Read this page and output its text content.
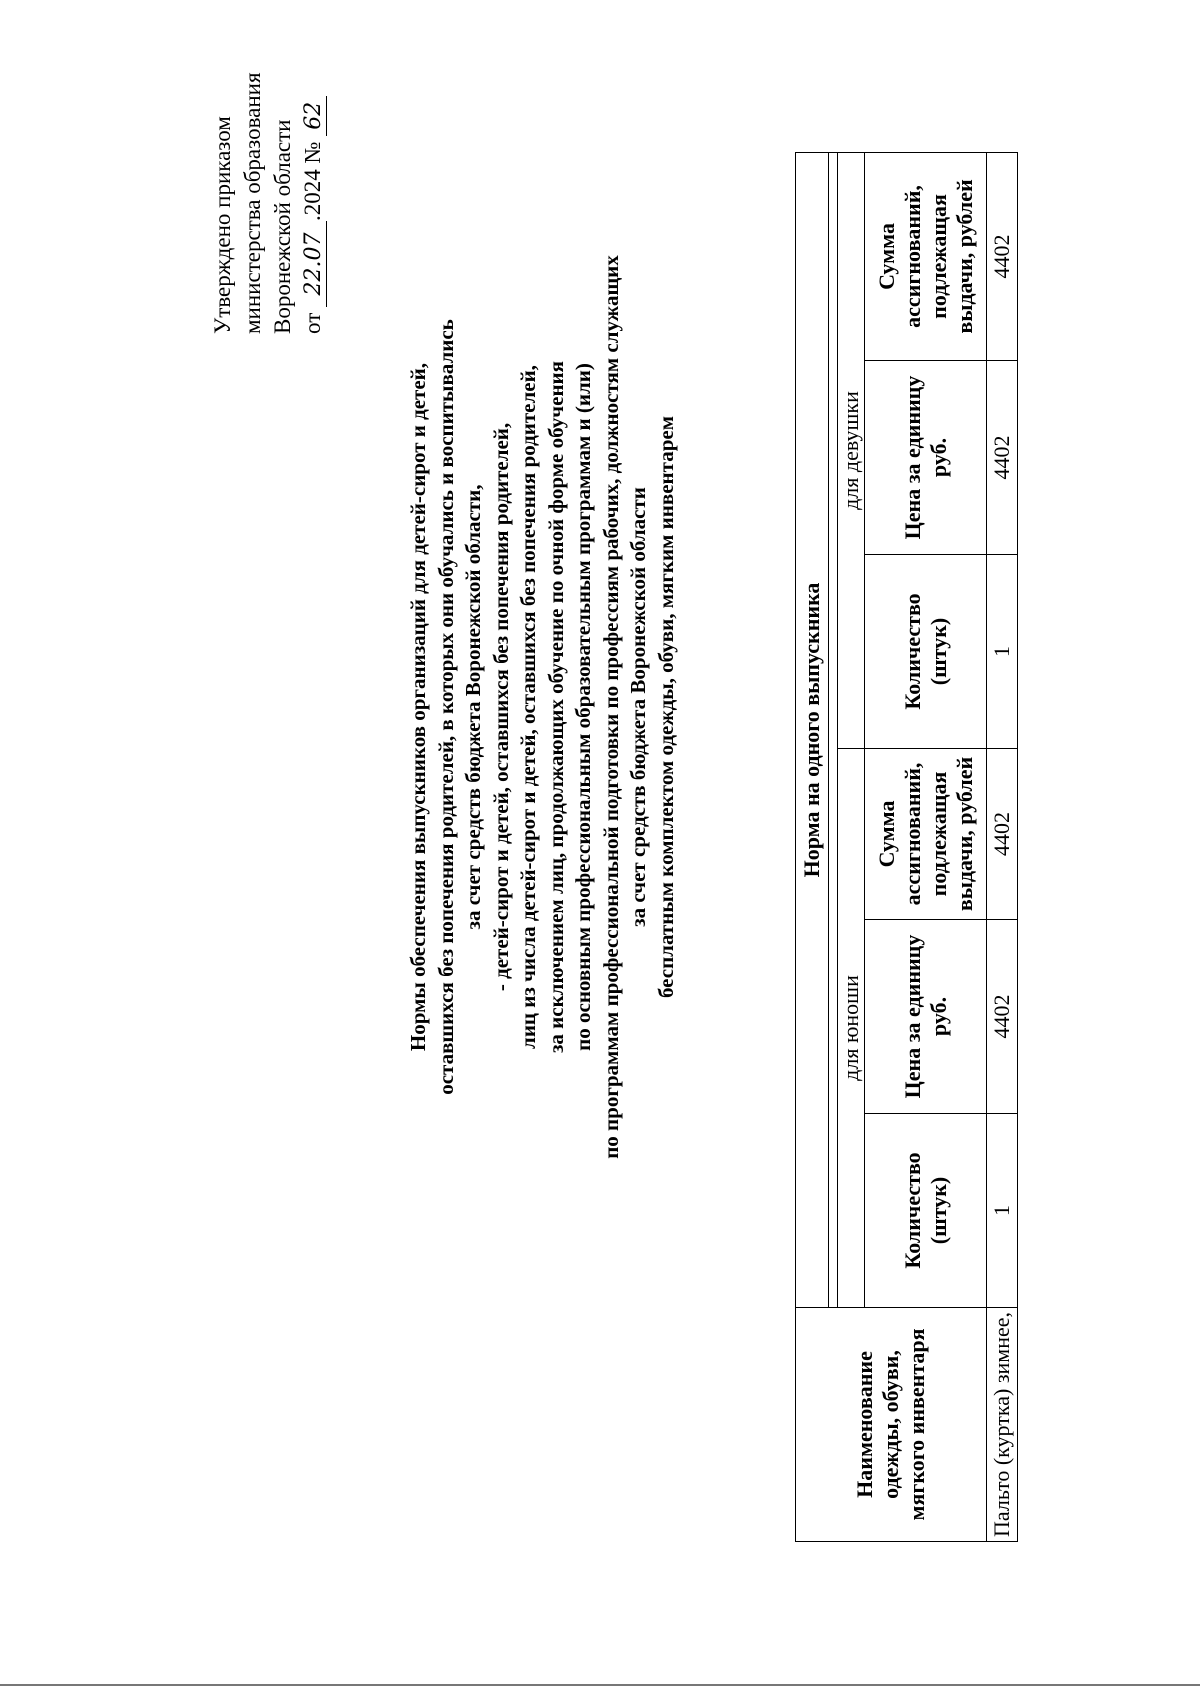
Утверждено приказом министерства образования Воронежской области от 22.07.2024 № 62
Нормы обеспечения выпускников организаций для детей-сирот и детей, оставшихся без попечения родителей, в которых они обучались и воспитывались за счет средств бюджета Воронежской области, - детей-сирот и детей, оставшихся без попечения родителей, лиц из числа детей-сирот и детей, оставшихся без попечения родителей, за исключением лиц, продолжающих обучение по очной форме обучения по основным профессиональным образовательным программам и (или) по программам профессиональной подготовки по профессиям рабочих, должностям служащих за счет средств бюджета Воронежской области бесплатным комплектом одежды, обуви, мягким инвентарем
Наименование одежды, обуви, мягкого инвентаря	Норма на одного выпускника					

	для юноши			для девушки		
	Количество (штук)	Цена за единицу руб.	Сумма ассигнований, подлежащая выдачи, рублей	Количество (штук)	Цена за единицу руб.	Сумма ассигнований, подлежащая выдачи, рублей
Пальто (куртка) зимнее,	1	4402	4402	1	4402	4402
